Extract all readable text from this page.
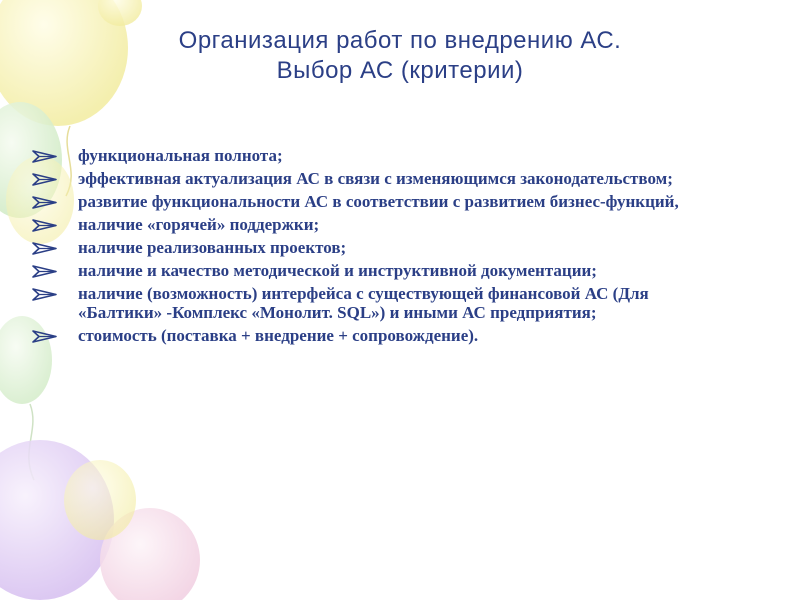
Организация работ по внедрению АС.
Выбор АС (критерии)
функциональная полнота;
эффективная актуализация АС в связи с изменяющимся законодательством;
развитие функциональности АС в соответствии с развитием бизнес-функций,
наличие «горячей» поддержки;
наличие реализованных проектов;
наличие и качество методической и инструктивной документации;
наличие (возможность) интерфейса с существующей финансовой АС (Для «Балтики» -Комплекс «Монолит. SQL») и иными АС предприятия;
стоимость (поставка + внедрение + сопровождение).
